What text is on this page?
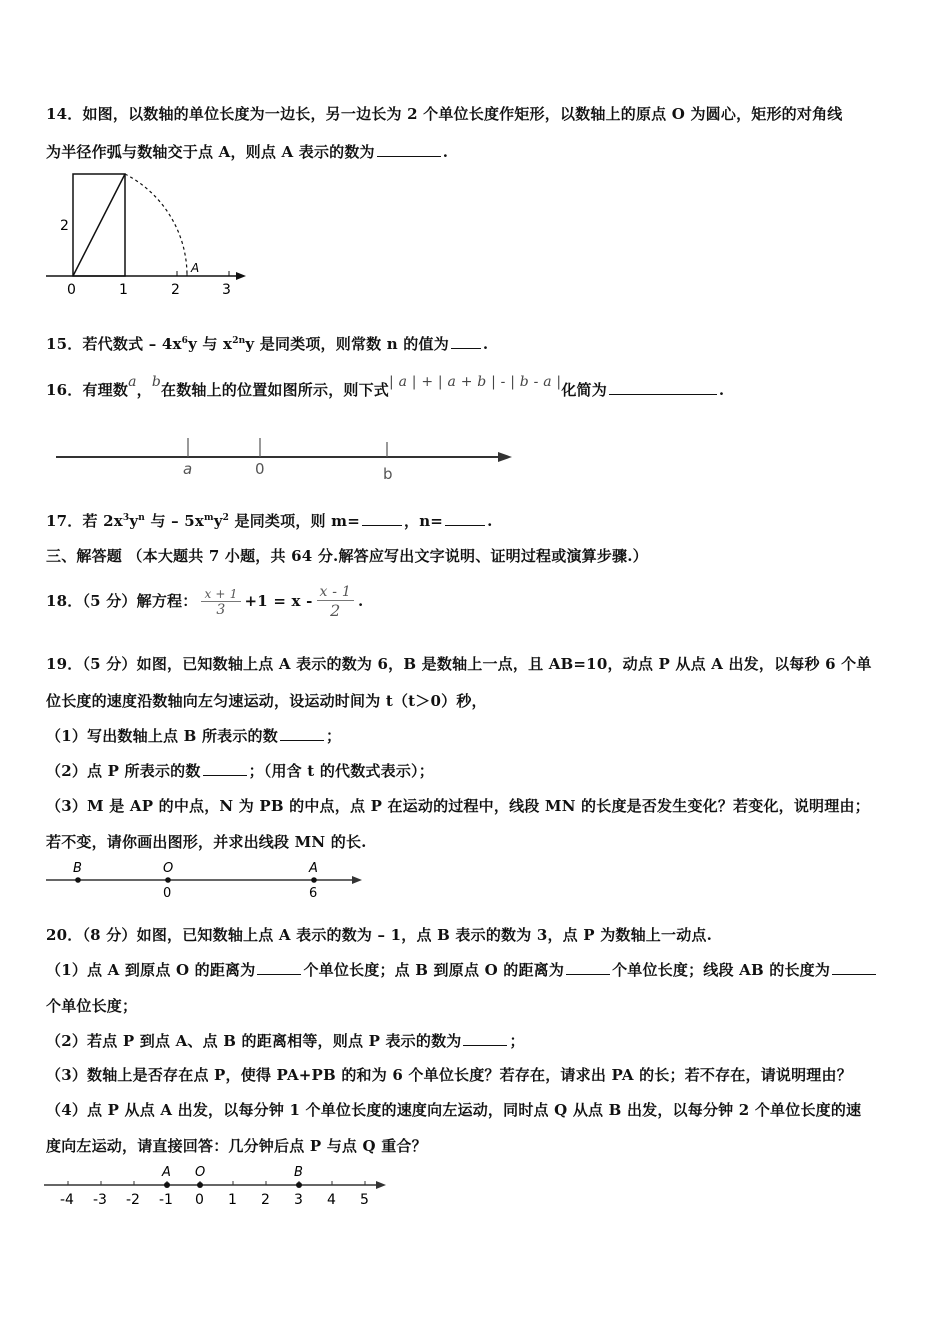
14．如图，以数轴的单位长度为一边长，另一边长为 2 个单位长度作矩形，以数轴上的原点 O 为圆心，矩形的对角线
为半径作弧与数轴交于点 A，则点 A 表示的数为	.
2
A
0	1	2	3
15．若代数式 – $4x^6y$ 与 $x^{2n}y$ 是同类项，则常数 n 的值为 .
16．有理数a，b在数轴上的位置如图所示，则下式| a | + | a + b | - | b - a |化简为	.
a	0	b
17．若 $2x^3y^n$ 与 – $5x^my^2$ 是同类项，则 m=	，n=	.
三、解答题 （本大题共 7 小题，共 64 分.解答应写出文字说明、证明过程或演算步骤.）
18．（5 分）解方程： $\frac{x + 1}{3} +1 = x - \frac{x - 1}{2}$ .
19．（5 分）如图，已知数轴上点 A 表示的数为 6，B 是数轴上一点，且 AB=10，动点 P 从点 A 出发，以每秒 6 个单
位长度的速度沿数轴向左匀速运动，设运动时间为 t（t＞0）秒，
（1）写出数轴上点 B 所表示的数	；
（2）点 P 所表示的数	；（用含 t 的代数式表示）；
（3）M 是 AP 的中点，N 为 PB 的中点，点 P 在运动的过程中，线段 MN 的长度是否发生变化？若变化，说明理由；
若不变，请你画出图形，并求出线段 MN 的长.
B	O	A
0	6
20．（8 分）如图，已知数轴上点 A 表示的数为 – 1，点 B 表示的数为 3，点 P 为数轴上一动点.
（1）点 A 到原点 O 的距离为	个单位长度；点 B 到原点 O 的距离为	个单位长度；线段 AB 的长度为
个单位长度；
（2）若点 P 到点 A、点 B 的距离相等，则点 P 表示的数为	；
（3）数轴上是否存在点 P，使得 PA+PB 的和为 6 个单位长度？若存在，请求出 PA 的长；若不存在，请说明理由？
（4）点 P 从点 A 出发，以每分钟 1 个单位长度的速度向左运动，同时点 Q 从点 B 出发，以每分钟 2 个单位长度的速
度向左运动，请直接回答：几分钟后点 P 与点 Q 重合？
A O	B
-4 -3 -2 -1 0 1 2 3 4 5
